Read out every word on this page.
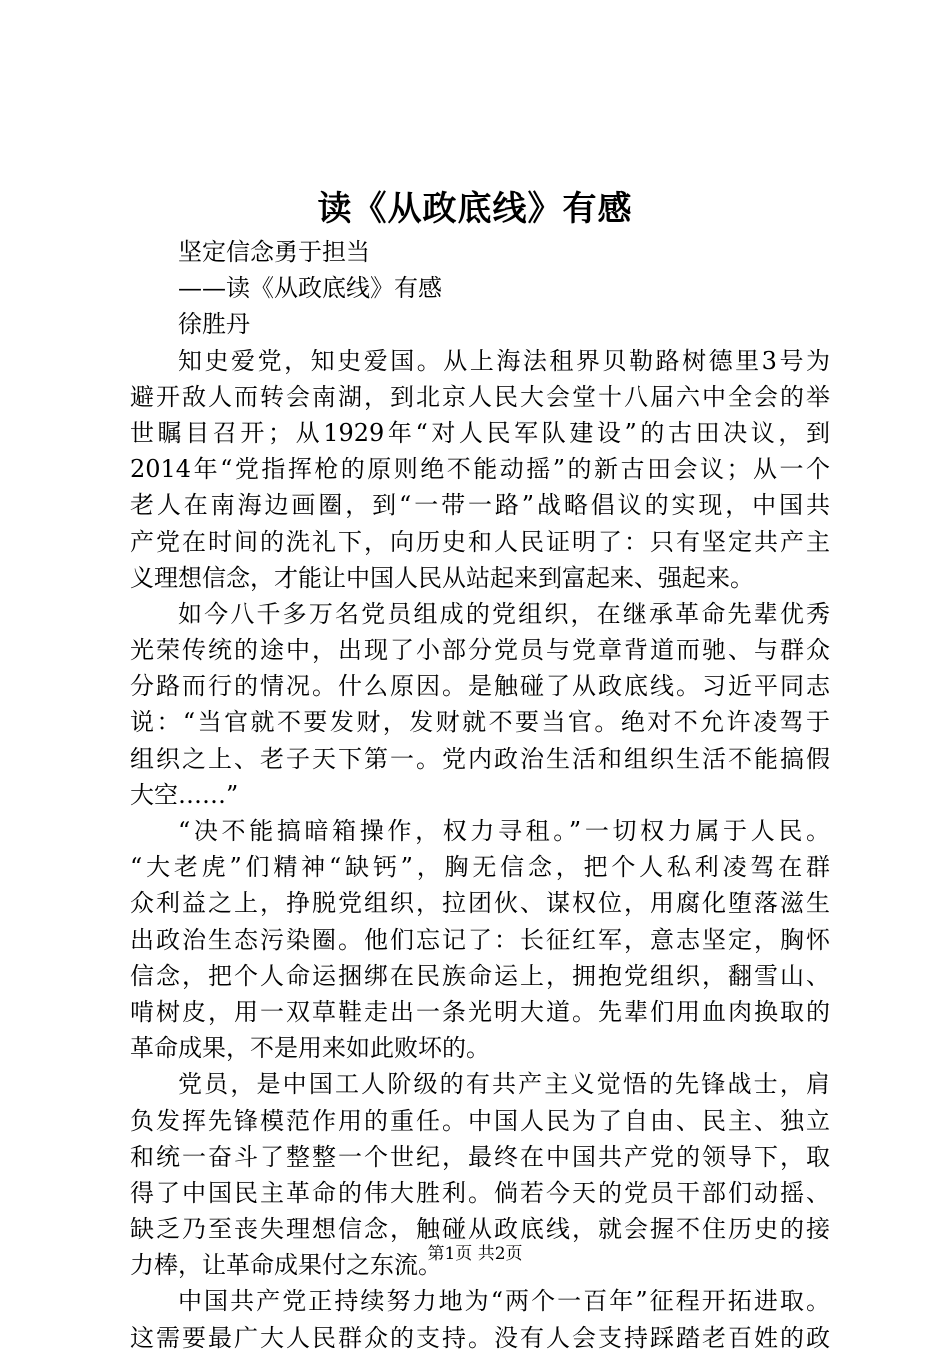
读《从政底线》有感
坚定信念勇于担当
——读《从政底线》有感
徐胜丹
知史爱党，知史爱国。从上海法租界贝勒路树德里3号为
避开敌人而转会南湖，到北京人民大会堂十八届六中全会的举
世瞩目召开；从1929年“对人民军队建设”的古田决议，到
2014年“党指挥枪的原则绝不能动摇”的新古田会议；从一个
老人在南海边画圈，到“一带一路”战略倡议的实现，中国共
产党在时间的洗礼下，向历史和人民证明了：只有坚定共产主
义理想信念，才能让中国人民从站起来到富起来、强起来。
如今八千多万名党员组成的党组织，在继承革命先辈优秀
光荣传统的途中，出现了小部分党员与党章背道而驰、与群众
分路而行的情况。什么原因。是触碰了从政底线。习近平同志
说：“当官就不要发财，发财就不要当官。绝对不允许凌驾于
组织之上、老子天下第一。党内政治生活和组织生活不能搞假
大空……”
“决不能搞暗箱操作，权力寻租。”一切权力属于人民。
“大老虎”们精神“缺钙”，胸无信念，把个人私利凌驾在群
众利益之上，挣脱党组织，拉团伙、谋权位，用腐化堕落滋生
出政治生态污染圈。他们忘记了：长征红军，意志坚定，胸怀
信念，把个人命运捆绑在民族命运上，拥抱党组织，翻雪山、
啃树皮，用一双草鞋走出一条光明大道。先辈们用血肉换取的
革命成果，不是用来如此败坏的。
党员，是中国工人阶级的有共产主义觉悟的先锋战士，肩
负发挥先锋模范作用的重任。中国人民为了自由、民主、独立
和统一奋斗了整整一个世纪，最终在中国共产党的领导下，取
得了中国民主革命的伟大胜利。倘若今天的党员干部们动摇、
缺乏乃至丧失理想信念，触碰从政底线，就会握不住历史的接
力棒，让革命成果付之东流。
中国共产党正持续努力地为“两个一百年”征程开拓进取。
这需要最广大人民群众的支持。没有人会支持踩踏老百姓的政
第1页 共2页
